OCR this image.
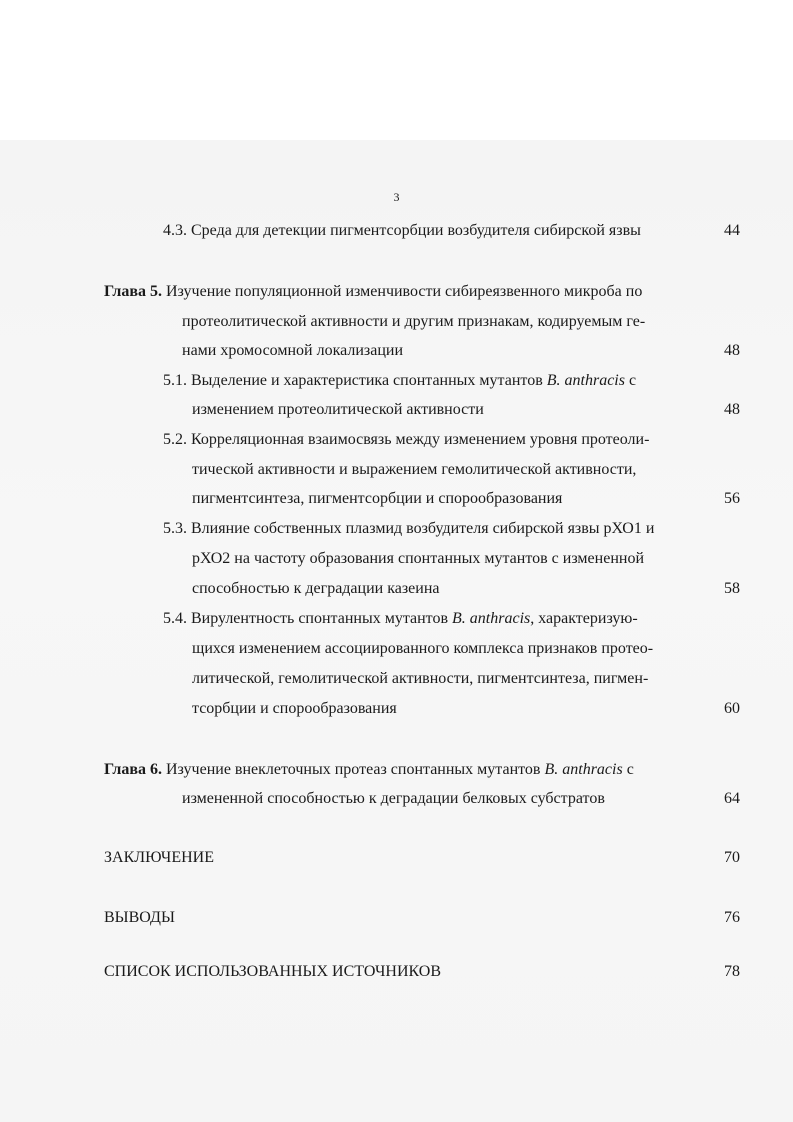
3
4.3. Среда для детекции пигментсорбции возбудителя сибирской язвы	44
Глава 5. Изучение популяционной изменчивости сибиреязвенного микроба по
протеолитической активности и другим признакам, кодируемым ге-
нами хромосомной локализации	48
5.1. Выделение и характеристика спонтанных мутантов B. anthracis с
изменением протеолитической активности	48
5.2. Корреляционная взаимосвязь между изменением уровня протеоли-
тической активности и выражением гемолитической активности,
пигментсинтеза, пигментсорбции и спорообразования	56
5.3. Влияние собственных плазмид возбудителя сибирской язвы рХО1 и
рХО2 на частоту образования спонтанных мутантов с измененной
способностью к деградации казеина	58
5.4. Вирулентность спонтанных мутантов B. anthracis, характеризую-
щихся изменением ассоциированного комплекса признаков протео-
литической, гемолитической активности, пигментсинтеза, пигмен-
тсорбции и спорообразования	60
Глава 6. Изучение внеклеточных протеаз спонтанных мутантов B. anthracis с
измененной способностью к деградации белковых субстратов	64
ЗАКЛЮЧЕНИЕ	70
ВЫВОДЫ	76
СПИСОК ИСПОЛЬЗОВАННЫХ ИСТОЧНИКОВ	78
